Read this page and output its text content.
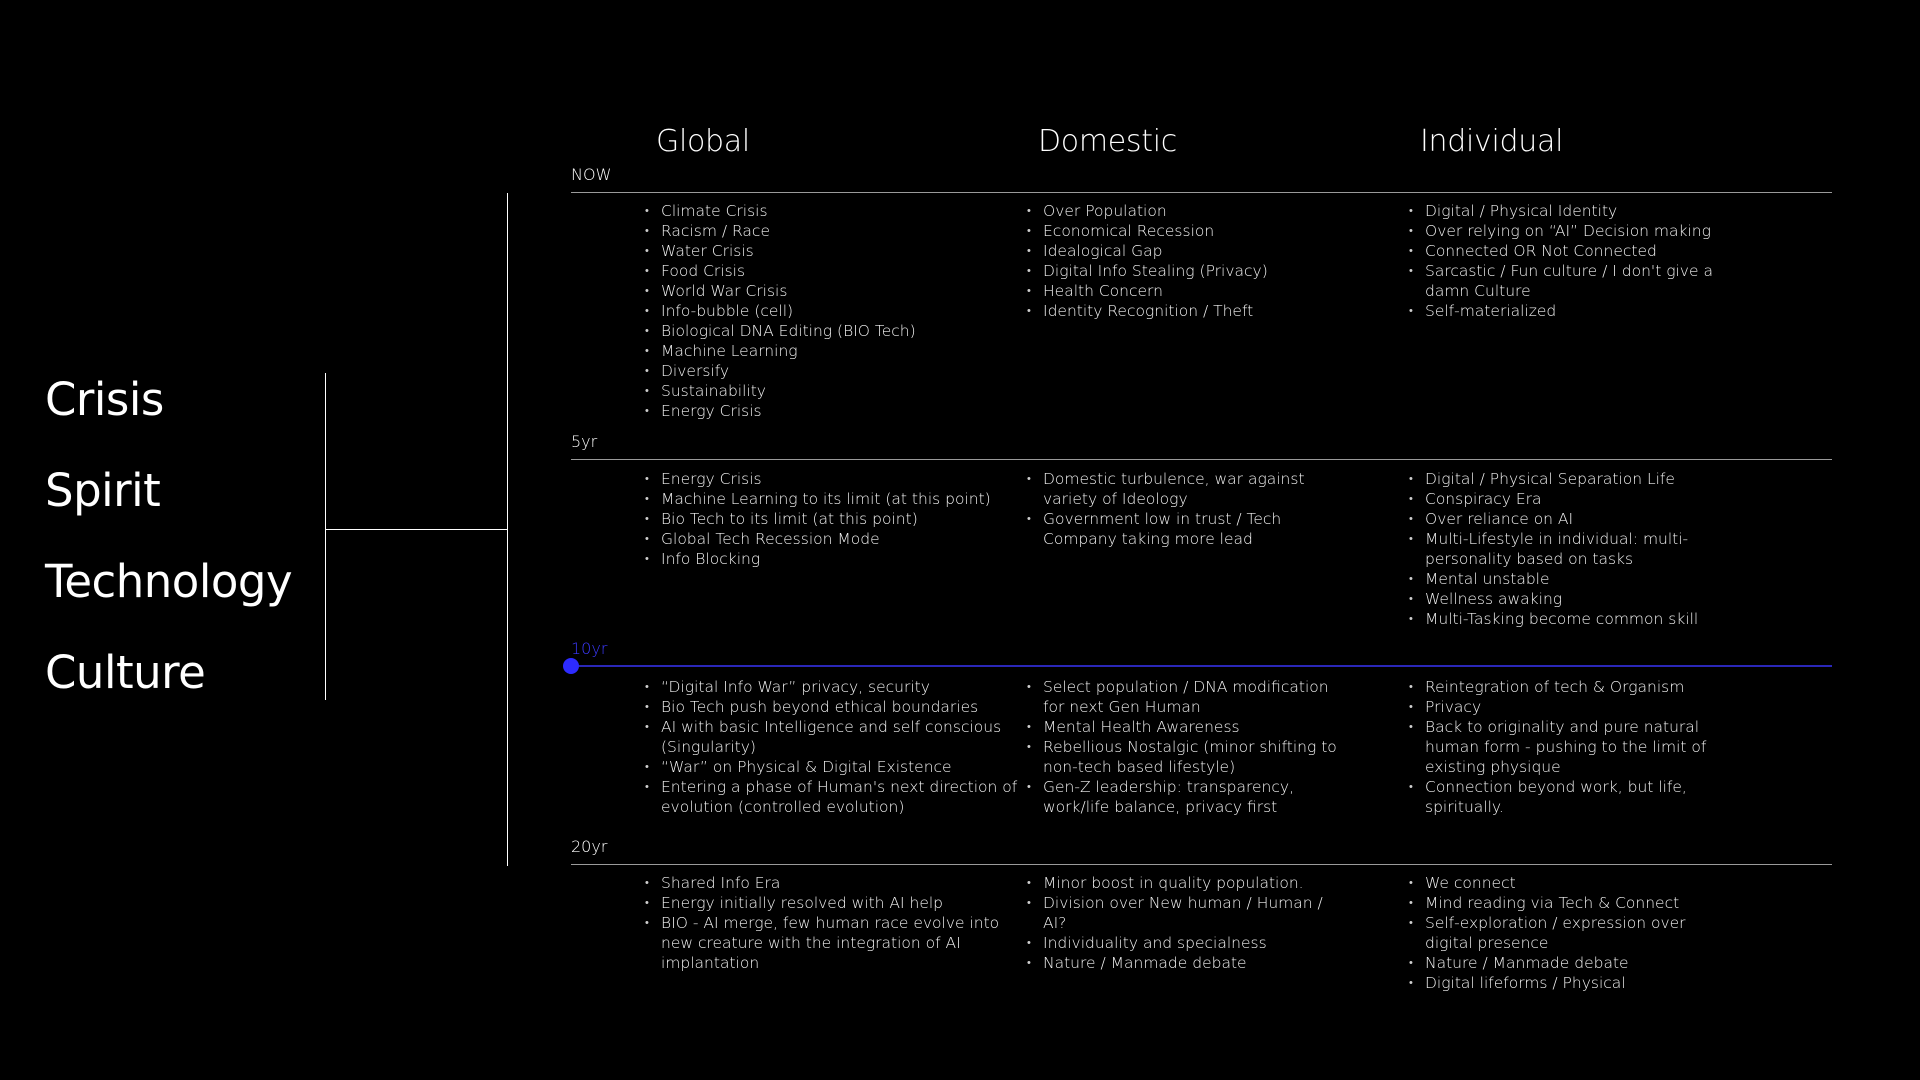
Crisis
Spirit
Technology
Culture
Global	Domestic	Individual
NOW
• Climate Crisis
• Racism / Race
• Water Crisis
• Food Crisis
• World War Crisis
• Info-bubble (cell)
• Biological DNA Editing (BIO Tech)
• Machine Learning
• Diversify
• Sustainability
• Energy Crisis
• Over Population
• Economical Recession
• Idealogical Gap
• Digital Info Stealing (Privacy)
• Health Concern
• Identity Recognition / Theft
• Digital / Physical Identity
• Over relying on “AI” Decision making
• Connected OR Not Connected
• Sarcastic / Fun culture / I don't give a damn Culture
• Self-materialized
5yr
• Energy Crisis
• Machine Learning to its limit (at this point)
• Bio Tech to its limit (at this point)
• Global Tech Recession Mode
• Info Blocking
• Domestic turbulence, war against variety of Ideology
• Government low in trust / Tech Company taking more lead
• Digital / Physical Separation Life
• Conspiracy Era
• Over reliance on AI
• Multi-Lifestyle in individual: multi-personality based on tasks
• Mental unstable
• Wellness awaking
• Multi-Tasking become common skill
10yr
• “Digital Info War” privacy, security
• Bio Tech push beyond ethical boundaries
• AI with basic Intelligence and self conscious (Singularity)
• “War” on Physical & Digital Existence
• Entering a phase of Human's next direction of evolution (controlled evolution)
• Select population / DNA modification for next Gen Human
• Mental Health Awareness
• Rebellious Nostalgic (minor shifting to non-tech based lifestyle)
• Gen-Z leadership: transparency, work/life balance, privacy first
• Reintegration of tech & Organism
• Privacy
• Back to originality and pure natural human form - pushing to the limit of existing physique
• Connection beyond work, but life, spiritually.
20yr
• Shared Info Era
• Energy initially resolved with AI help
• BIO - AI merge, few human race evolve into new creature with the integration of AI implantation
• Minor boost in quality population.
• Division over New human / Human / AI?
• Individuality and specialness
• Nature / Manmade debate
• We connect
• Mind reading via Tech & Connect
• Self-exploration / expression over digital presence
• Nature / Manmade debate
• Digital lifeforms / Physical
